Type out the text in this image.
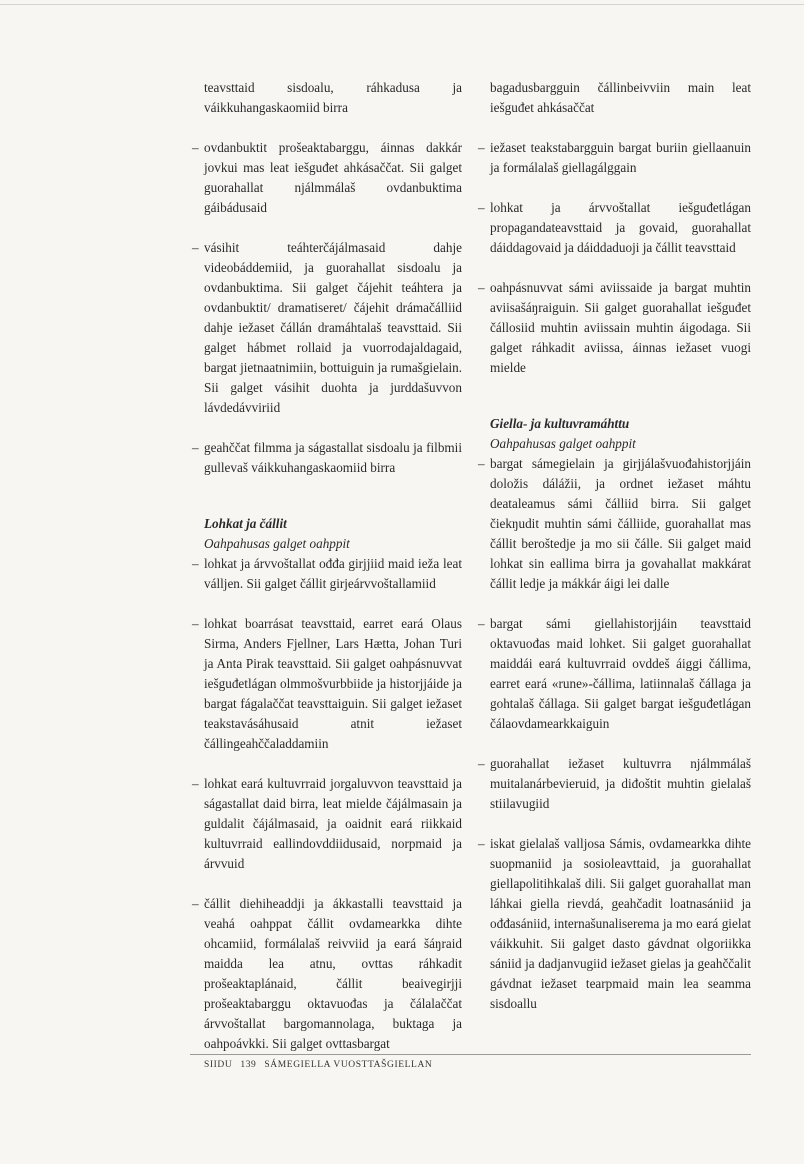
teavsttaid sisdoalu, ráhkadusa ja váikkuhangaskaomiid birra

– ovdanbuktit prošeaktabarggu, áinnas dakkár jovkui mas leat iešguđet ahkásaččat. Sii galget guorahallat njálmmálaš ovdanbuktima gáibádusaid

– vásihit teáhterčájálmasaid dahje videobáddemiid, ja guorahallat sisdoalu ja ovdanbuktima. Sii galget čájehit teáhtera ja ovdanbuktit/ dramatiseret/ čájehit drámačálliid dahje iežaset čállán dramáhtalaš teavsttaid. Sii galget hábmet rollaid ja vuorrodajaldagaid, bargat jietnaatnimiin, bottuiguin ja rumašgielain. Sii galget vásihit duohta ja jurddašuvvon lávdedávviriid

– geahččat filmma ja ságastallat sisdoalu ja filbmii gullevaš váikkuhangaskaomiid birra

Lohkat ja čállit

Oahpahusas galget oahppit

– lohkat ja árvvoštallat ođđa girjjiid maid ieža leat válljen. Sii galget čállit girjeárvvoštallamiid

– lohkat boarrásat teavsttaid, earret eará Olaus Sirma, Anders Fjellner, Lars Hætta, Johan Turi ja Anta Pirak teavsttaid. Sii galget oahpásnuvvat iešguđetlágan olmmošvurbbiide ja historjjáide ja bargat fágalaččat teavsttaiguin. Sii galget iežaset teakstavásáhusaid atnit iežaset čállingeahččaladdamiin

– lohkat eará kultuvrraid jorgaluvvon teavsttaid ja ságastallat daid birra, leat mielde čájálmasain ja guldalit čájálmasaid, ja oaidnit eará riikkaid kultuvrraid eallindovddiidusaid, norpmaid ja árvvuid

– čállit diehiheaddji ja ákkastalli teavsttaid ja veahá oahppat čállit ovdamearkka dihte ohcamiid, formálalaš reivviid ja eará šáŋraid maidda lea atnu, ovttas ráhkadit prošeaktaplánaid, čállit beaivegirjji prošeaktabarggu oktavuođas ja čálalaččat árvvoštallat bargomannolaga, buktaga ja oahpoávkki. Sii galget ovttasbargat

bagadusbargguin čállinbeivviin main leat iešguđet ahkásaččat

– iežaset teakstabargguin bargat buriin giellaanuin ja formálalaš giellagálggain

– lohkat ja árvvoštallat iešguđetlágan propagandateavsttaid ja govaid, guorahallat dáiddagovaid ja dáiddaduoji ja čállit teavsttaid

– oahpásnuvvat sámi aviissaide ja bargat muhtin aviisašáŋraiguin. Sii galget guorahallat iešguđet čállosiid muhtin aviissain muhtin áigodaga. Sii galget ráhkadit aviissa, áinnas iežaset vuogi mielde

Giella- ja kultuvramáhttu

Oahpahusas galget oahppit

– bargat sámegielain ja girjjálašvuođahistorjjáin doložis dálážii, ja ordnet iežaset máhtu deataleamus sámi čálliid birra. Sii galget čiekŋudit muhtin sámi čálliide, guorahallat mas čállit beroštedje ja mo sii čálle. Sii galget maid lohkat sin eallima birra ja govahallat makkárat čállit ledje ja mákkár áigi lei dalle

– bargat sámi giellahistorjjáin teavsttaid oktavuođas maid lohket. Sii galget guorahallat maiddái eará kultuvrraid ovddeš áiggi čállima, earret eará «rune»-čállima, latiinnalaš čállaga ja gohtalaš čállaga. Sii galget bargat iešguđetlágan čálaovdamearkkaiguin

– guorahallat iežaset kultuvrra njálmmálaš muitalanárbevieruid, ja diđoštit muhtin gielalaš stiilavugiid

– iskat gielalaš valljosa Sámis, ovdamearkka dihte suopmaniid ja sosioleavttaid, ja guorahallat giellapolitihkalaš dili. Sii galget guorahallat man láhkai giella rievdá, geahčadit loatnasániid ja ođđasániid, internašunaliserema ja mo eará gielat váikkuhit. Sii galget dasto gávdnat olgoriikka sániid ja dadjanvugiid iežaset gielas ja geahččalit gávdnat iežaset tearpmaid main lea seamma sisdoallu

SIIDU 139 SÁMEGIELLA VUOSTTAŠGIELLAN
